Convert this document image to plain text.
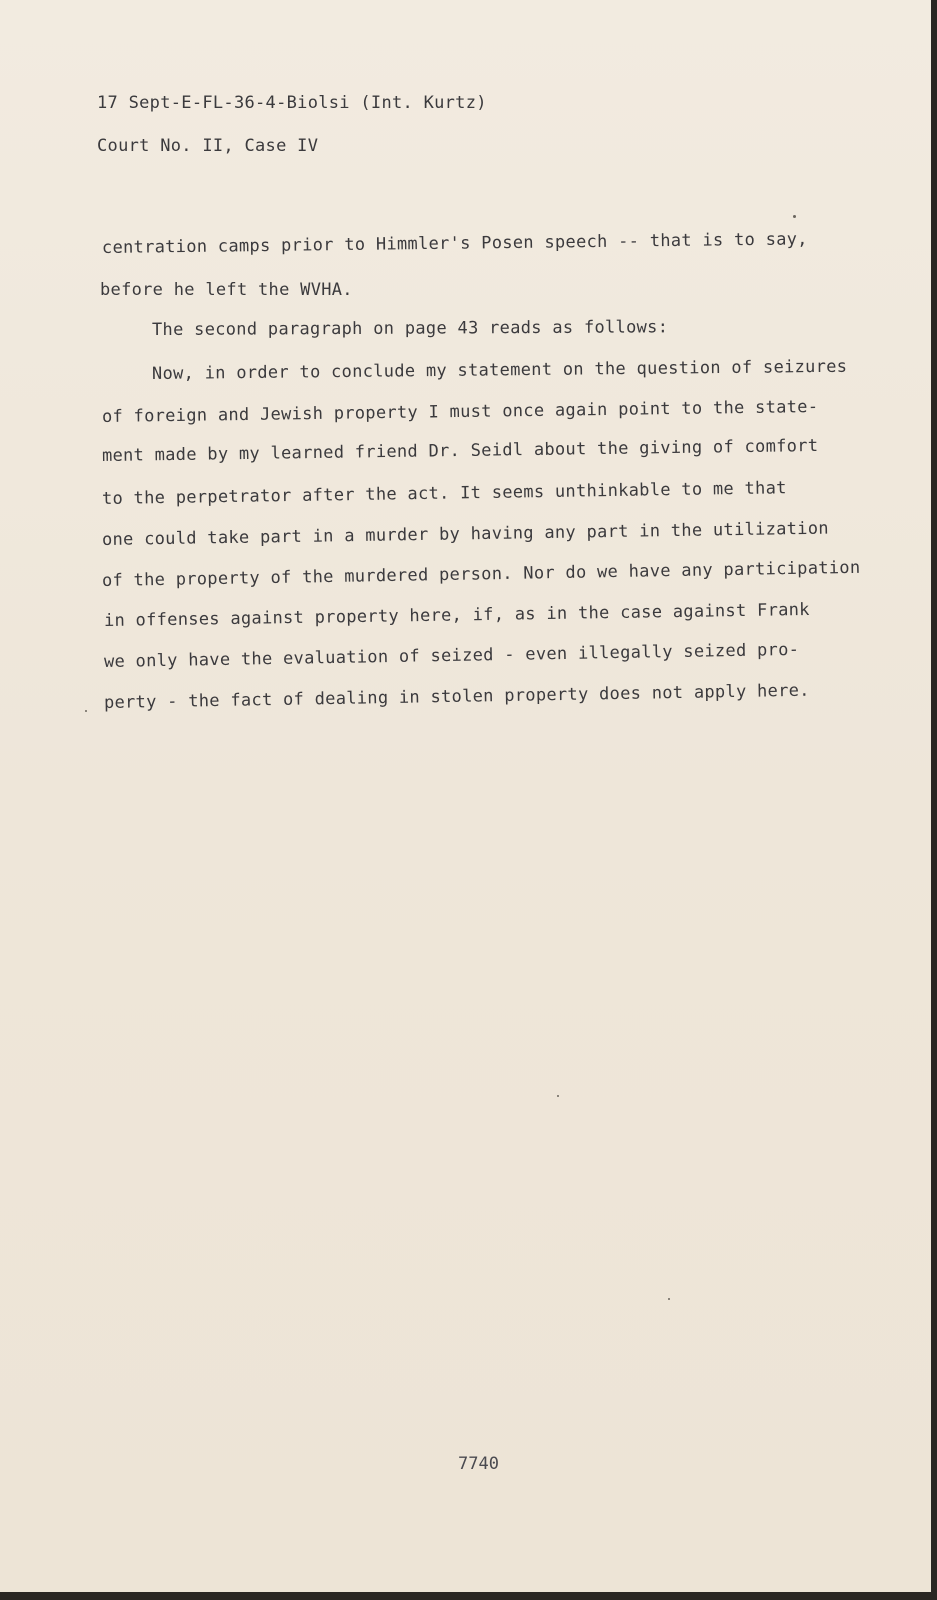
17 Sept-E-FL-36-4-Biolsi (Int. Kurtz)

Court No. II, Case IV

centration camps prior to Himmler's Posen speech -- that is to say,

before he left the WVHA.

The second paragraph on page 43 reads as follows:

Now, in order to conclude my statement on the question of seizures

of foreign and Jewish property I must once again point to the state-

ment made by my learned friend Dr. Seidl about the giving of comfort

to the perpetrator after the act. It seems unthinkable to me that

one could take part in a murder by having any part in the utilization

of the property of the murdered person. Nor do we have any participation

in offenses against property here, if, as in the case against Frank

we only have the evaluation of seized - even illegally seized pro-

perty - the fact of dealing in stolen property does not apply here.

7740
